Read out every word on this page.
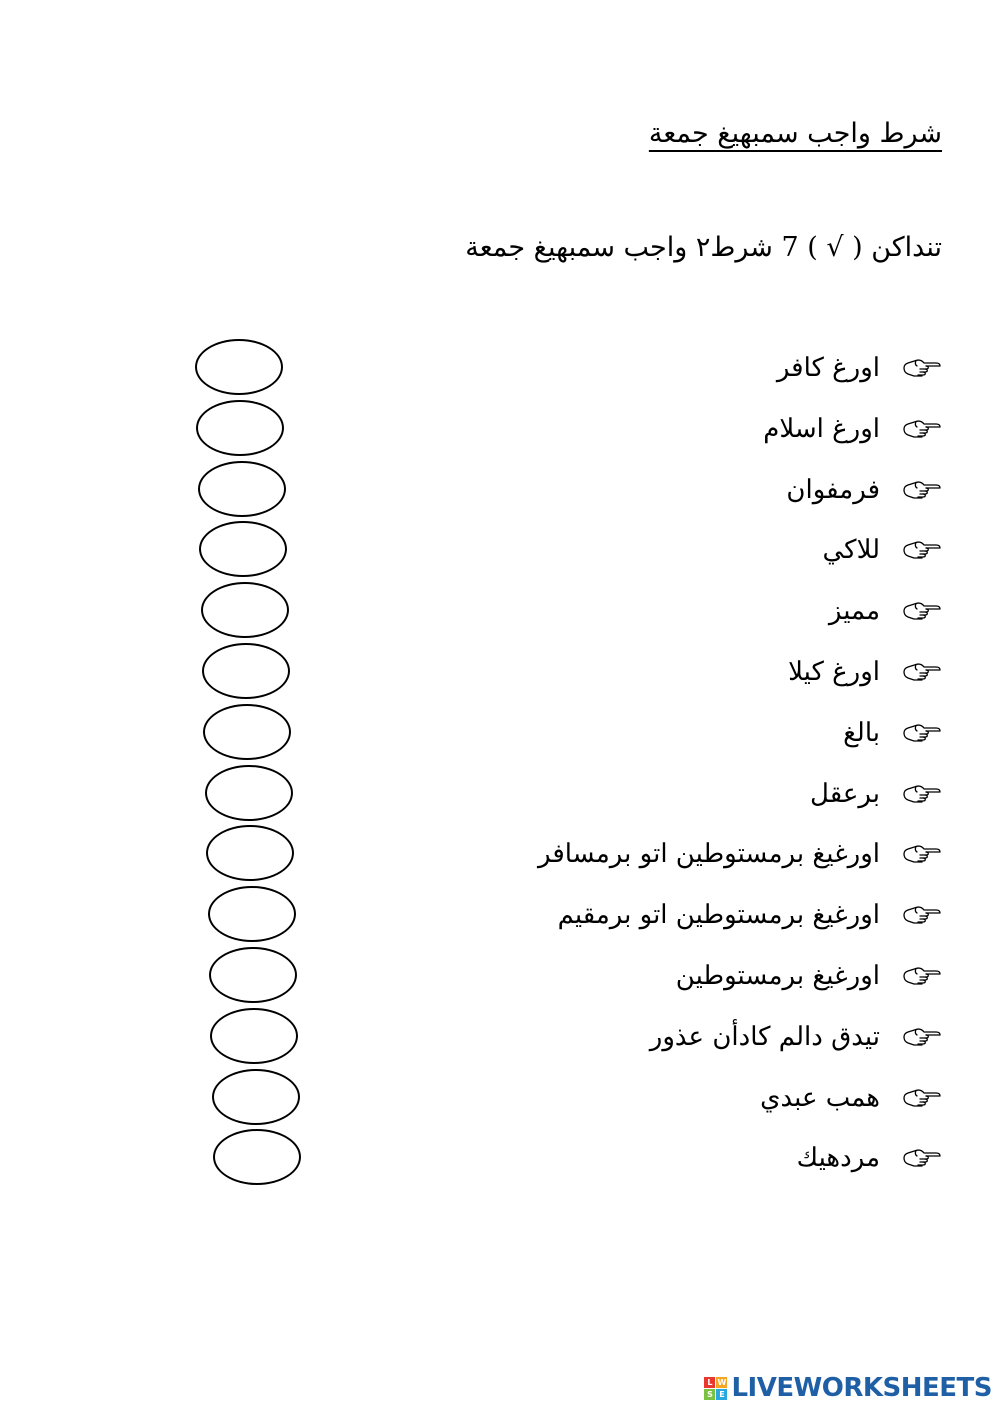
شرط واجب سمبهيغ جمعة
تنداكن ( √ ) 7 شرط٢ واجب سمبهيغ جمعة
اورغ كافر
اورغ اسلام
فرمفوان
للاكي
مميز
اورغ كيلا
بالغ
برعقل
اورغيغ برمستوطين اتو برمسافر
اورغيغ برمستوطين اتو برمقيم
اورغيغ برمستوطين
تيدق دالم كادأن عذور
همب عبدي
مردهيك
L W
S E LIVEWORKSHEETS
